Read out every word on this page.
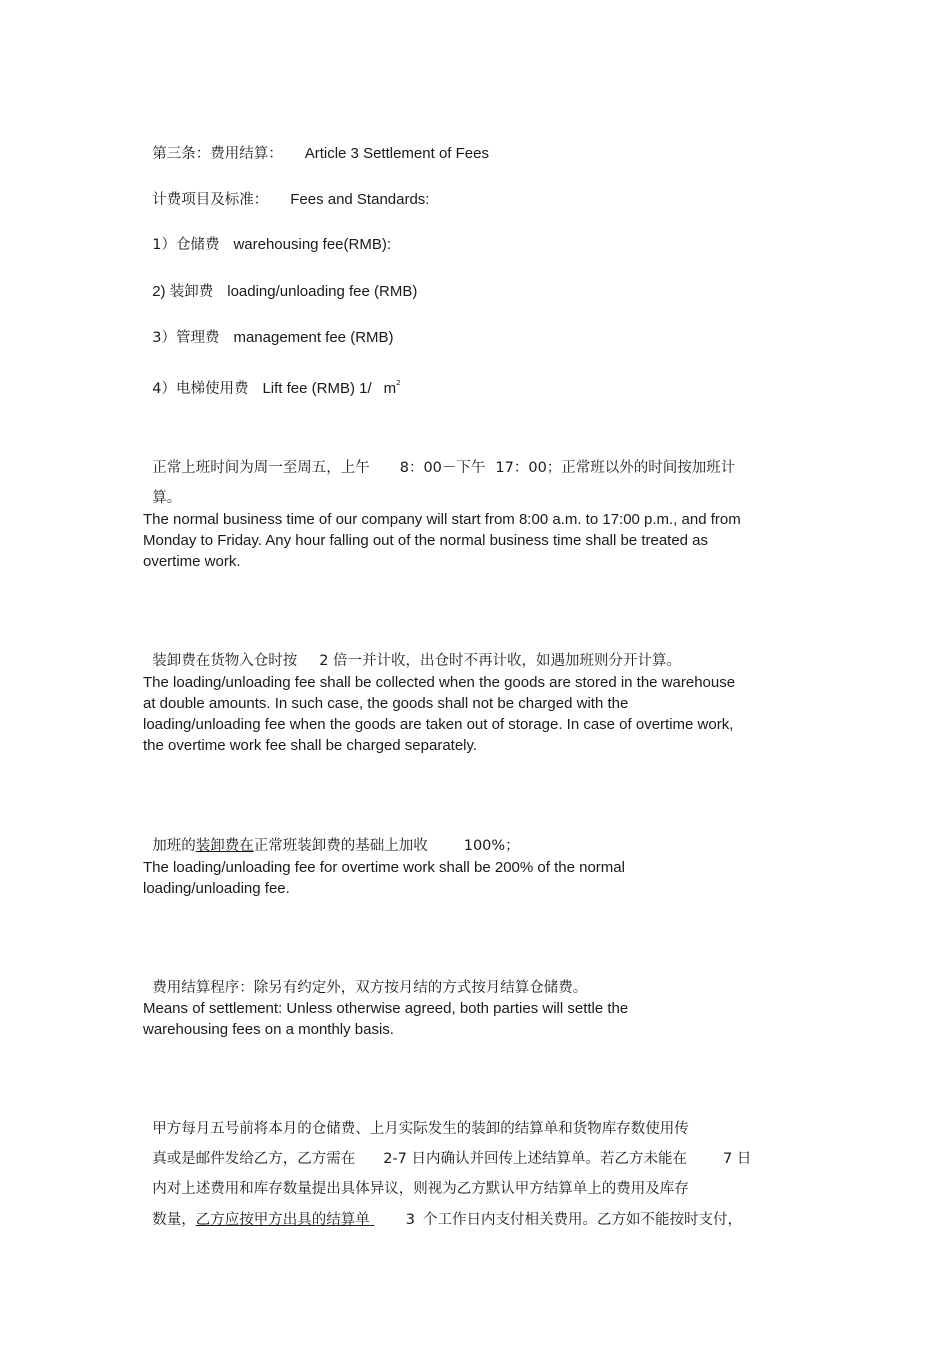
第三条：费用结算： Article 3 Settlement of Fees

计费项目及标准： Fees and Standards:

1）仓储费 warehousing fee(RMB):

2) 装卸费 loading/unloading fee (RMB)

3）管理费 management fee (RMB)

4）电梯使用费 Lift fee (RMB) 1/ $m^2$

正常上班时间为周一至周五，上午 8：00－下午 17：00；正常班以外的时间按加班计

算。

The normal business time of our company will start from 8:00 a.m. to 17:00 p.m., and from Monday to Friday. Any hour falling out of the normal business time shall be treated as overtime work.

装卸费在货物入仓时按 2 倍一并计收，出仓时不再计收，如遇加班则分开计算。

The loading/unloading fee shall be collected when the goods are stored in the warehouse at double amounts. In such case, the goods shall not be charged with the loading/unloading fee when the goods are taken out of storage. In case of overtime work, the overtime work fee shall be charged separately.

加班的装卸费在正常班装卸费的基础上加收 100%；

The loading/unloading fee for overtime work shall be 200% of the normal loading/unloading fee.

费用结算程序：除另有约定外，双方按月结的方式按月结算仓储费。

Means of settlement: Unless otherwise agreed, both parties will settle the warehousing fees on a monthly basis.

甲方每月五号前将本月的仓储费、上月实际发生的装卸的结算单和货物库存数使用传

真或是邮件发给乙方，乙方需在 2-7 日内确认并回传上述结算单。若乙方未能在 7 日

内对上述费用和库存数量提出具体异议，则视为乙方默认甲方结算单上的费用及库存

数量，乙方应按甲方出具的结算单 3 个工作日内支付相关费用。乙方如不能按时支付，
